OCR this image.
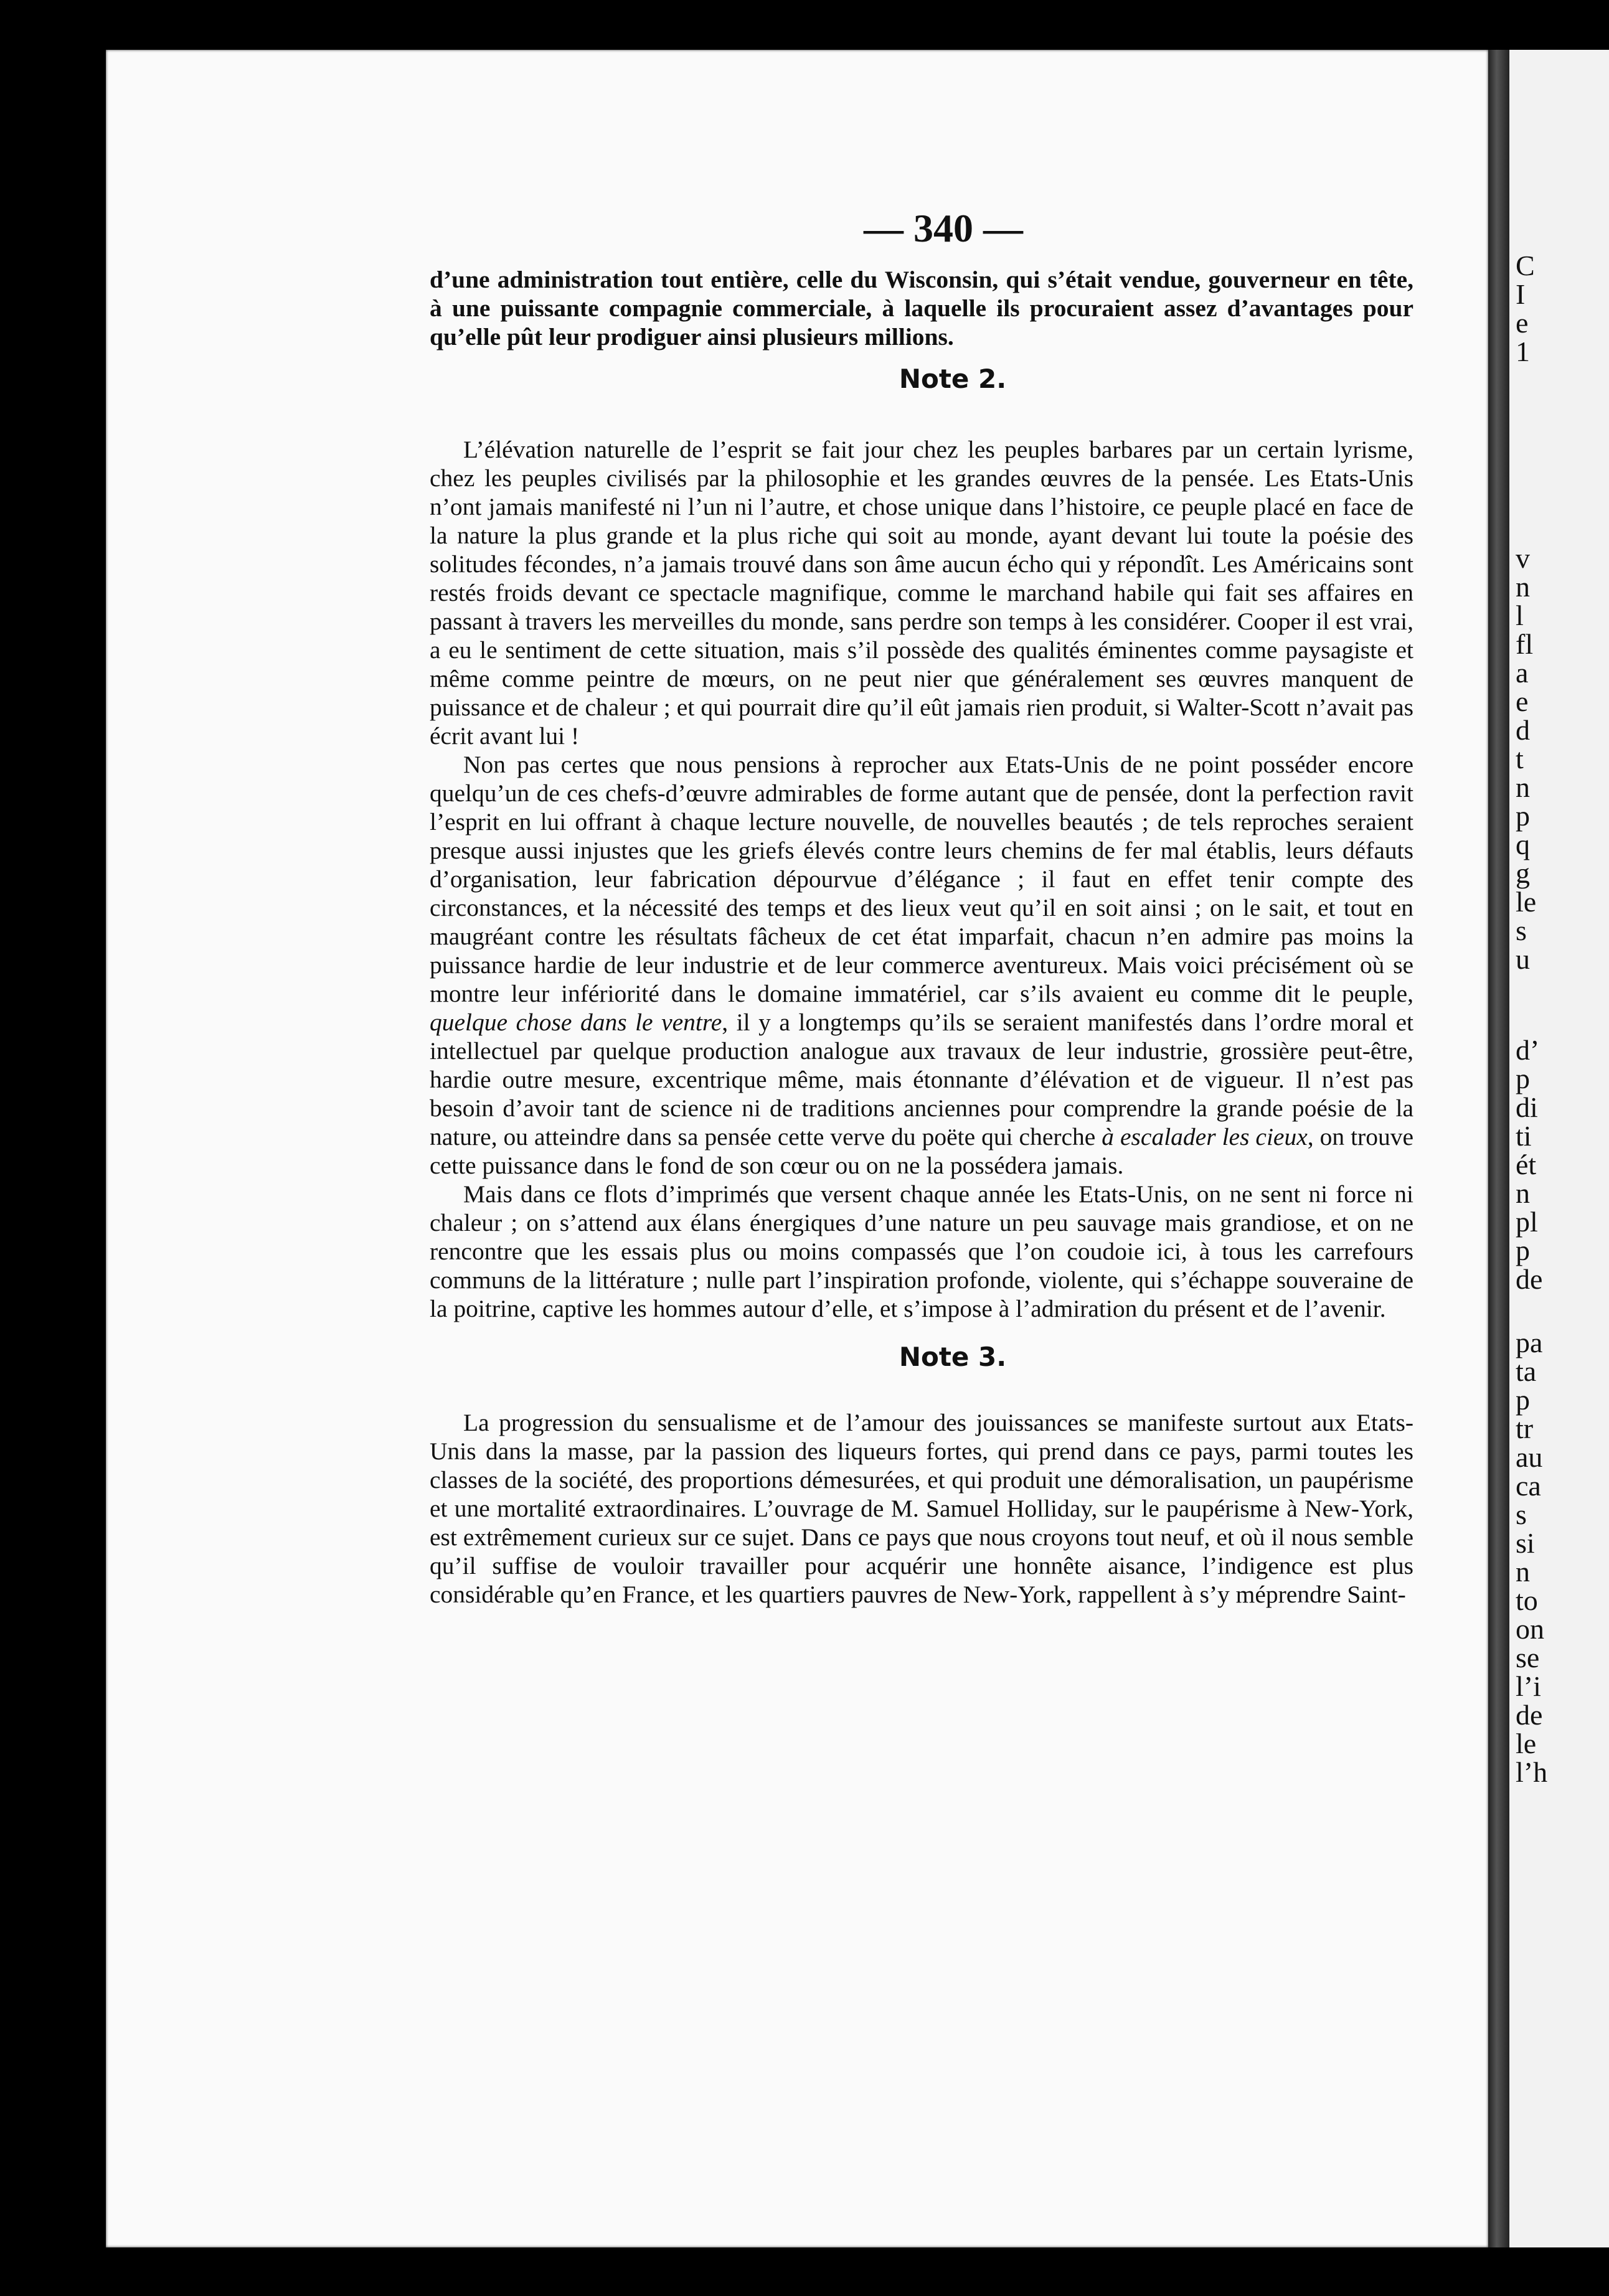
C
I
e
1
v
n
l
fl
a
e
d
t
n
p
q
g
le
s
u
d’
p
di
ti
ét
n
pl
p
de
pa
ta
p
tr
au
ca
s
si
n
to
on
se
l’i
de
le
l’h
— 340 —

d’une administration tout entière, celle du Wisconsin, qui s’était vendue, gouverneur en tête, à une puissante compagnie commerciale, à laquelle ils procuraient assez d’avantages pour qu’elle pût leur prodiguer ainsi plusieurs millions.

Note 2.

L’élévation naturelle de l’esprit se fait jour chez les peuples barbares par un certain lyrisme, chez les peuples civilisés par la philosophie et les grandes œuvres de la pensée. Les Etats-Unis n’ont jamais manifesté ni l’un ni l’autre, et chose unique dans l’histoire, ce peuple placé en face de la nature la plus grande et la plus riche qui soit au monde, ayant devant lui toute la poésie des solitudes fécondes, n’a jamais trouvé dans son âme aucun écho qui y répondît. Les Américains sont restés froids devant ce spectacle magnifique, comme le marchand habile qui fait ses affaires en passant à travers les merveilles du monde, sans perdre son temps à les considérer. Cooper il est vrai, a eu le sentiment de cette situation, mais s’il possède des qualités éminentes comme paysagiste et même comme peintre de mœurs, on ne peut nier que généralement ses œuvres manquent de puissance et de chaleur ; et qui pourrait dire qu’il eût jamais rien produit, si Walter-Scott n’avait pas écrit avant lui !

Non pas certes que nous pensions à reprocher aux Etats-Unis de ne point posséder encore quelqu’un de ces chefs-d’œuvre admirables de forme autant que de pensée, dont la perfection ravit l’esprit en lui offrant à chaque lecture nouvelle, de nouvelles beautés ; de tels reproches seraient presque aussi injustes que les griefs élevés contre leurs chemins de fer mal établis, leurs défauts d’organisation, leur fabrication dépourvue d’élégance ; il faut en effet tenir compte des circonstances, et la nécessité des temps et des lieux veut qu’il en soit ainsi ; on le sait, et tout en maugréant contre les résultats fâcheux de cet état imparfait, chacun n’en admire pas moins la puissance hardie de leur industrie et de leur commerce aventureux. Mais voici précisément où se montre leur infériorité dans le domaine immatériel, car s’ils avaient eu comme dit le peuple, quelque chose dans le ventre, il y a longtemps qu’ils se seraient manifestés dans l’ordre moral et intellectuel par quelque production analogue aux travaux de leur industrie, grossière peut-être, hardie outre mesure, excentrique même, mais étonnante d’élévation et de vigueur. Il n’est pas besoin d’avoir tant de science ni de traditions anciennes pour comprendre la grande poésie de la nature, ou atteindre dans sa pensée cette verve du poëte qui cherche à escalader les cieux, on trouve cette puissance dans le fond de son cœur ou on ne la possédera jamais.

Mais dans ce flots d’imprimés que versent chaque année les Etats-Unis, on ne sent ni force ni chaleur ; on s’attend aux élans énergiques d’une nature un peu sauvage mais grandiose, et on ne rencontre que les essais plus ou moins compassés que l’on coudoie ici, à tous les carrefours communs de la littérature ; nulle part l’inspiration profonde, violente, qui s’échappe souveraine de la poitrine, captive les hommes autour d’elle, et s’impose à l’admiration du présent et de l’avenir.

Note 3.

La progression du sensualisme et de l’amour des jouissances se manifeste surtout aux Etats-Unis dans la masse, par la passion des liqueurs fortes, qui prend dans ce pays, parmi toutes les classes de la société, des proportions démesurées, et qui produit une démoralisation, un paupérisme et une mortalité extraordinaires. L’ouvrage de M. Samuel Holliday, sur le paupérisme à New-York, est extrêmement curieux sur ce sujet. Dans ce pays que nous croyons tout neuf, et où il nous semble qu’il suffise de vouloir travailler pour acquérir une honnête aisance, l’indigence est plus considérable qu’en France, et les quartiers pauvres de New-York, rappellent à s’y méprendre Saint-
